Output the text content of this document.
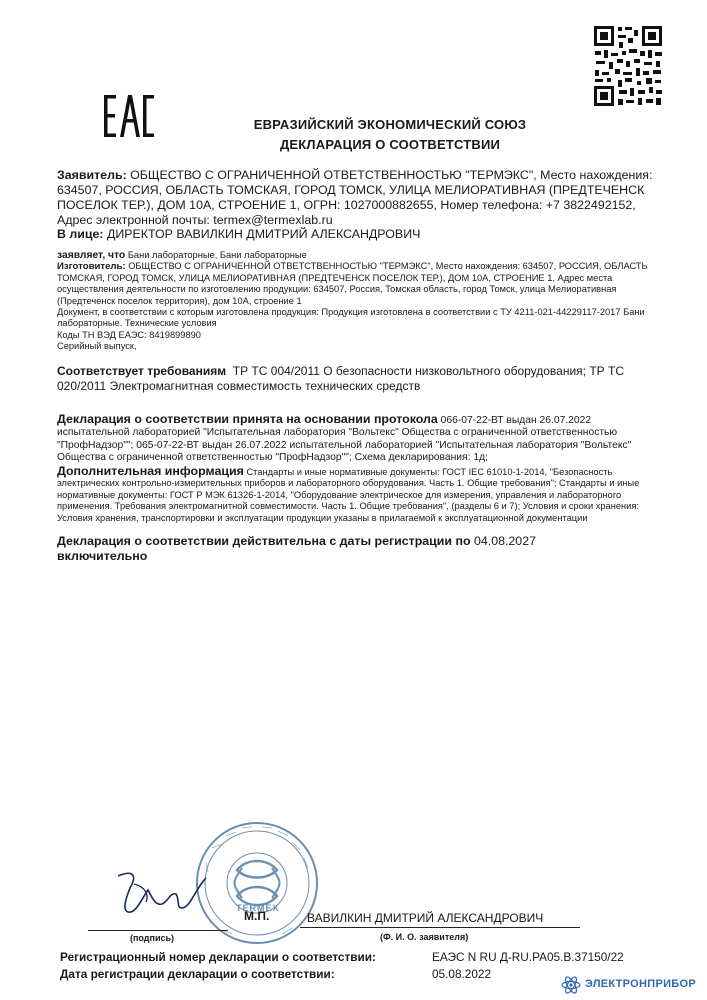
ЕВРАЗИЙСКИЙ ЭКОНОМИЧЕСКИЙ СОЮЗ
ДЕКЛАРАЦИЯ О СООТВЕТСТВИИ
Заявитель: ОБЩЕСТВО С ОГРАНИЧЕННОЙ ОТВЕТСТВЕННОСТЬЮ "ТЕРМЭКС", Место нахождения: 634507, РОССИЯ, ОБЛАСТЬ ТОМСКАЯ, ГОРОД ТОМСК, УЛИЦА МЕЛИОРАТИВНАЯ (ПРЕДТЕЧЕНСК ПОСЕЛОК ТЕР.), ДОМ 10А, СТРОЕНИЕ 1, ОГРН: 1027000882655, Номер телефона: +7 3822492152, Адрес электронной почты: termex@termexlab.ru
В лице: ДИРЕКТОР ВАВИЛКИН ДМИТРИЙ АЛЕКСАНДРОВИЧ
заявляет, что Бани лабораторные, Бани лабораторные
Изготовитель: ОБЩЕСТВО С ОГРАНИЧЕННОЙ ОТВЕТСТВЕННОСТЬЮ "ТЕРМЭКС", Место нахождения: 634507, РОССИЯ, ОБЛАСТЬ ТОМСКАЯ, ГОРОД ТОМСК, УЛИЦА МЕЛИОРАТИВНАЯ (ПРЕДТЕЧЕНСК ПОСЕЛОК ТЕР.), ДОМ 10А, СТРОЕНИЕ 1, Адрес места осуществления деятельности по изготовлению продукции: 634507, Россия, Томская область, город Томск, улица Мелиоративная (Предтеченск поселок территория), дом 10А, строение 1
Документ, в соответствии с которым изготовлена продукция: Продукция изготовлена в соответствии с ТУ 4211-021-44229117-2017 Бани лабораторные. Технические условия
Коды ТН ВЭД ЕАЭС: 8419899890
Серийный выпуск,
Соответствует требованиям ТР ТС 004/2011 О безопасности низковольтного оборудования; ТР ТС 020/2011 Электромагнитная совместимость технических средств
Декларация о соответствии принята на основании протокола 066-07-22-ВТ выдан 26.07.2022 испытательной лабораторией "Испытательная лаборатория "Вольтекс" Общества с ограниченной ответственностью "ПрофНадзор""; 065-07-22-ВТ выдан 26.07.2022 испытательной лабораторией "Испытательная лаборатория "Вольтекс" Общества с ограниченной ответственностью "ПрофНадзор""; Схема декларирования: 1д;
Дополнительная информация Стандарты и иные нормативные документы: ГОСТ IEC 61010-1-2014, "Безопасность электрических контрольно-измерительных приборов и лабораторного оборудования. Часть 1. Общие требования"; Стандарты и иные нормативные документы: ГОСТ Р МЭК 61326-1-2014, "Оборудование электрическое для измерения, управления и лабораторного применения. Требования электромагнитной совместимости. Часть 1. Общие требования", (разделы 6 и 7); Условия и сроки хранения: Условия хранения, транспортировки и эксплуатации продукции указаны в прилагаемой к эксплуатационной документации
Декларация о соответствии действительна с даты регистрации по 04.08.2027
включительно
TERMEX
(подпись)
М.П.	ВАВИЛКИН ДМИТРИЙ АЛЕКСАНДРОВИЧ
(Ф. И. О. заявителя)
Регистрационный номер декларации о соответствии:	ЕАЭС N RU Д-RU.PA05.B.37150/22
Дата регистрации декларации о соответствии:	05.08.2022
ЭЛЕКТРОНПРИБОР
